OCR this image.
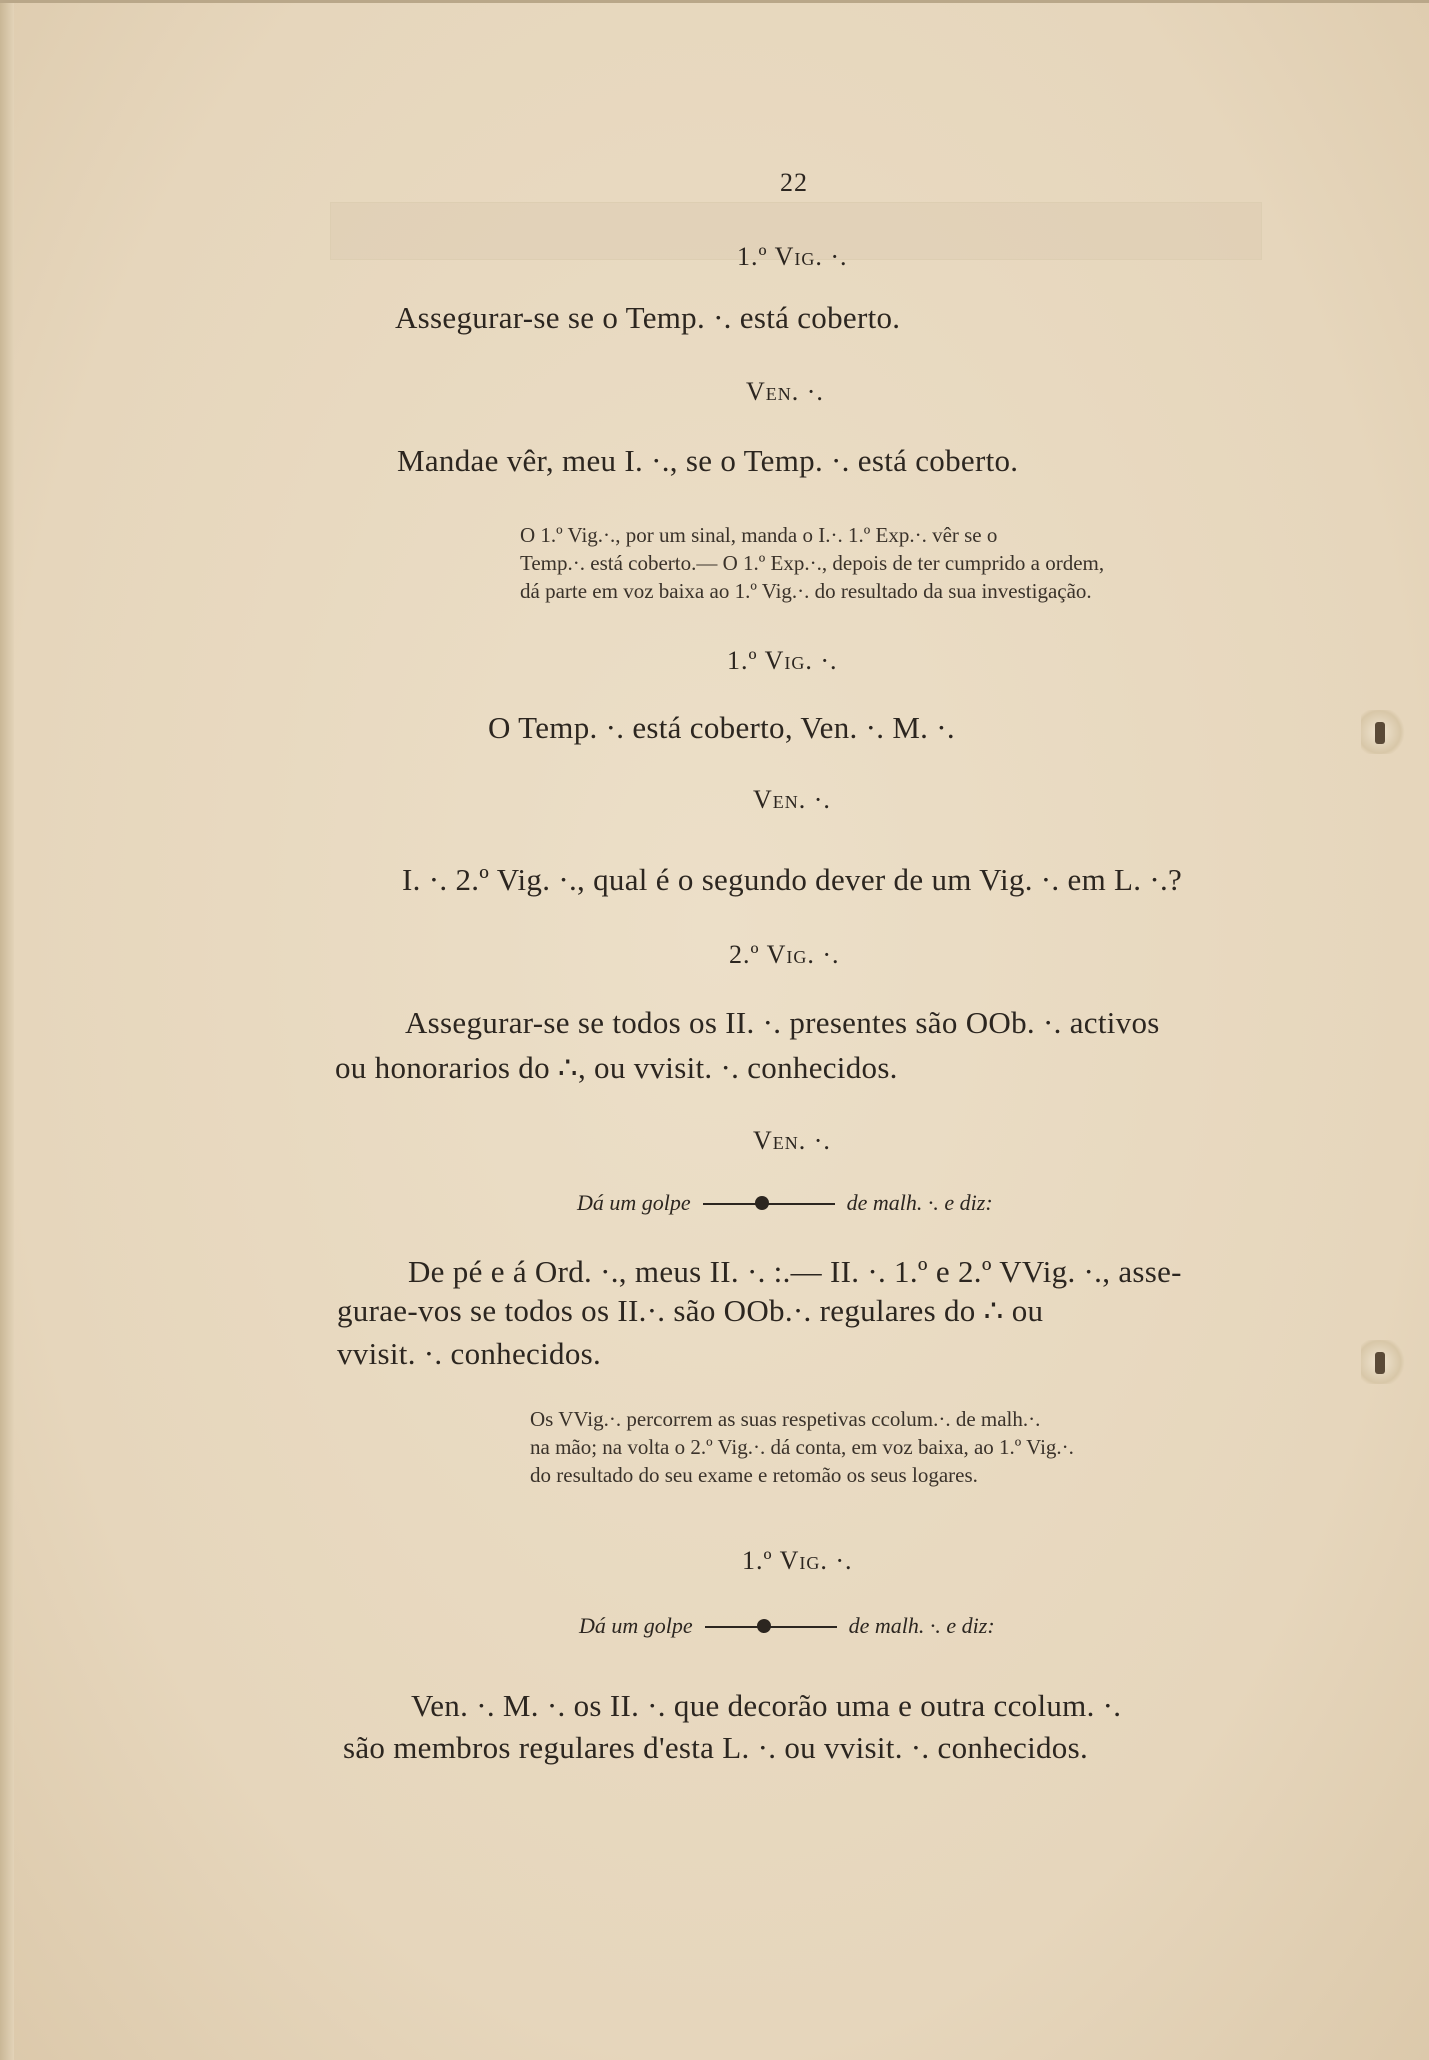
22
1.º Vig. ·.
Assegurar-se se o Temp. ·. está coberto.
Ven. ·.
Mandae vêr, meu I. ·., se o Temp. ·. está coberto.

O 1.º Vig.·., por um sinal, manda o I.·. 1.º Exp.·. vêr se o

Temp.·. está coberto.— O 1.º Exp.·., depois de ter cumprido a ordem,

dá parte em voz baixa ao 1.º Vig.·. do resultado da sua investigação.

1.º Vig. ·.
O Temp. ·. está coberto, Ven. ·. M. ·.
Ven. ·.
I. ·. 2.º Vig. ·., qual é o segundo dever de um Vig. ·. em L. ·.?
2.º Vig. ·.
Assegurar-se se todos os II. ·. presentes são OOb. ·. activos
ou honorarios do ∴, ou vvisit. ·. conhecidos.
Ven. ·.
Dá um golpe	de malh. ·. e diz:
De pé e á Ord. ·., meus II. ·. :.— II. ·. 1.º e 2.º VVig. ·., asse-
gurae-vos se todos os II.·. são OOb.·. regulares do ∴ ou
vvisit. ·. conhecidos.

Os VVig.·. percorrem as suas respetivas ccolum.·. de malh.·.

na mão; na volta o 2.º Vig.·. dá conta, em voz baixa, ao 1.º Vig.·.

do resultado do seu exame e retomão os seus logares.

1.º Vig. ·.
Dá um golpe	de malh. ·. e diz:
Ven. ·. M. ·. os II. ·. que decorão uma e outra ccolum. ·.
são membros regulares d'esta L. ·. ou vvisit. ·. conhecidos.
